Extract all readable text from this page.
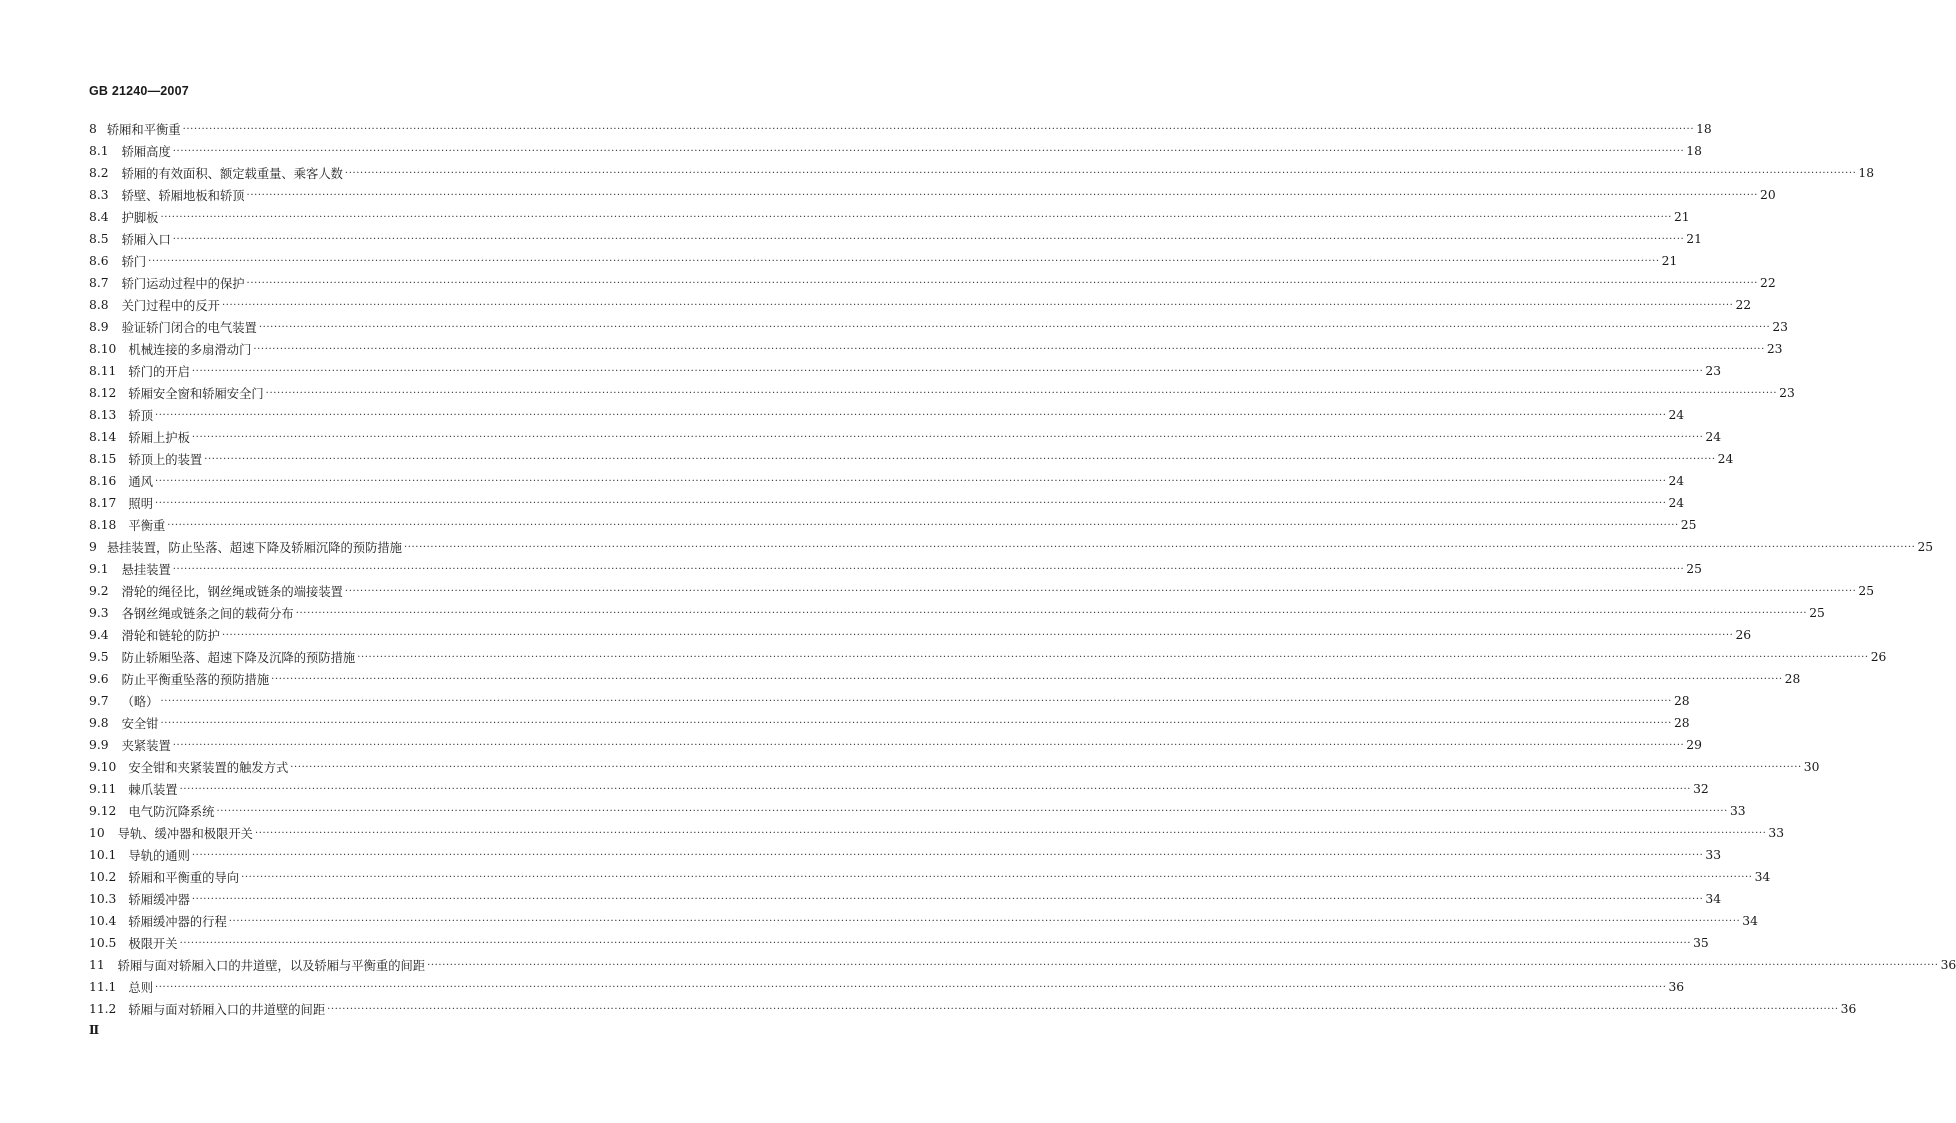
GB 21240—2007
8 轿厢和平衡重 ················································································································································································································································································································································································································ 18
8.1 轿厢高度 ················································································································································································································································································································································································································ 18
8.2 轿厢的有效面积、额定载重量、乘客人数 ················································································································································································································································································································································································································ 18
8.3 轿壁、轿厢地板和轿顶 ················································································································································································································································································································································································································ 20
8.4 护脚板 ················································································································································································································································································································································································································ 21
8.5 轿厢入口 ················································································································································································································································································································································································································ 21
8.6 轿门 ················································································································································································································································································································································································································ 21
8.7 轿门运动过程中的保护 ················································································································································································································································································································································································································ 22
8.8 关门过程中的反开 ················································································································································································································································································································································································································ 22
8.9 验证轿门闭合的电气装置 ················································································································································································································································································································································································································ 23
8.10 机械连接的多扇滑动门 ················································································································································································································································································································································································································ 23
8.11 轿门的开启 ················································································································································································································································································································································································································ 23
8.12 轿厢安全窗和轿厢安全门 ················································································································································································································································································································································································································ 23
8.13 轿顶 ················································································································································································································································································································································································································ 24
8.14 轿厢上护板 ················································································································································································································································································································································································································ 24
8.15 轿顶上的装置 ················································································································································································································································································································································································································ 24
8.16 通风 ················································································································································································································································································································································································································ 24
8.17 照明 ················································································································································································································································································································································································································ 24
8.18 平衡重 ················································································································································································································································································································································································································ 25
9 悬挂装置，防止坠落、超速下降及轿厢沉降的预防措施 ················································································································································································································································································································································································································ 25
9.1 悬挂装置 ················································································································································································································································································································································································································ 25
9.2 滑轮的绳径比，钢丝绳或链条的端接装置 ················································································································································································································································································································································································································ 25
9.3 各钢丝绳或链条之间的载荷分布 ················································································································································································································································································································································································································ 25
9.4 滑轮和链轮的防护 ················································································································································································································································································································································································································ 26
9.5 防止轿厢坠落、超速下降及沉降的预防措施 ················································································································································································································································································································································································································ 26
9.6 防止平衡重坠落的预防措施 ················································································································································································································································································································································································································ 28
9.7 （略） ················································································································································································································································································································································································································ 28
9.8 安全钳 ················································································································································································································································································································································································································ 28
9.9 夹紧装置 ················································································································································································································································································································································································································ 29
9.10 安全钳和夹紧装置的触发方式 ················································································································································································································································································································································································································ 30
9.11 棘爪装置 ················································································································································································································································································································································································································ 32
9.12 电气防沉降系统 ················································································································································································································································································································································································································ 33
10 导轨、缓冲器和极限开关 ················································································································································································································································································································································································································ 33
10.1 导轨的通则 ················································································································································································································································································································································································································ 33
10.2 轿厢和平衡重的导向 ················································································································································································································································································································································································································ 34
10.3 轿厢缓冲器 ················································································································································································································································································································································································································ 34
10.4 轿厢缓冲器的行程 ················································································································································································································································································································································································································ 34
10.5 极限开关 ················································································································································································································································································································································································································ 35
11 轿厢与面对轿厢入口的井道壁，以及轿厢与平衡重的间距 ················································································································································································································································································································································································································ 36
11.1 总则 ················································································································································································································································································································································································································ 36
11.2 轿厢与面对轿厢入口的井道壁的间距 ················································································································································································································································································································································································································ 36
Ⅱ
